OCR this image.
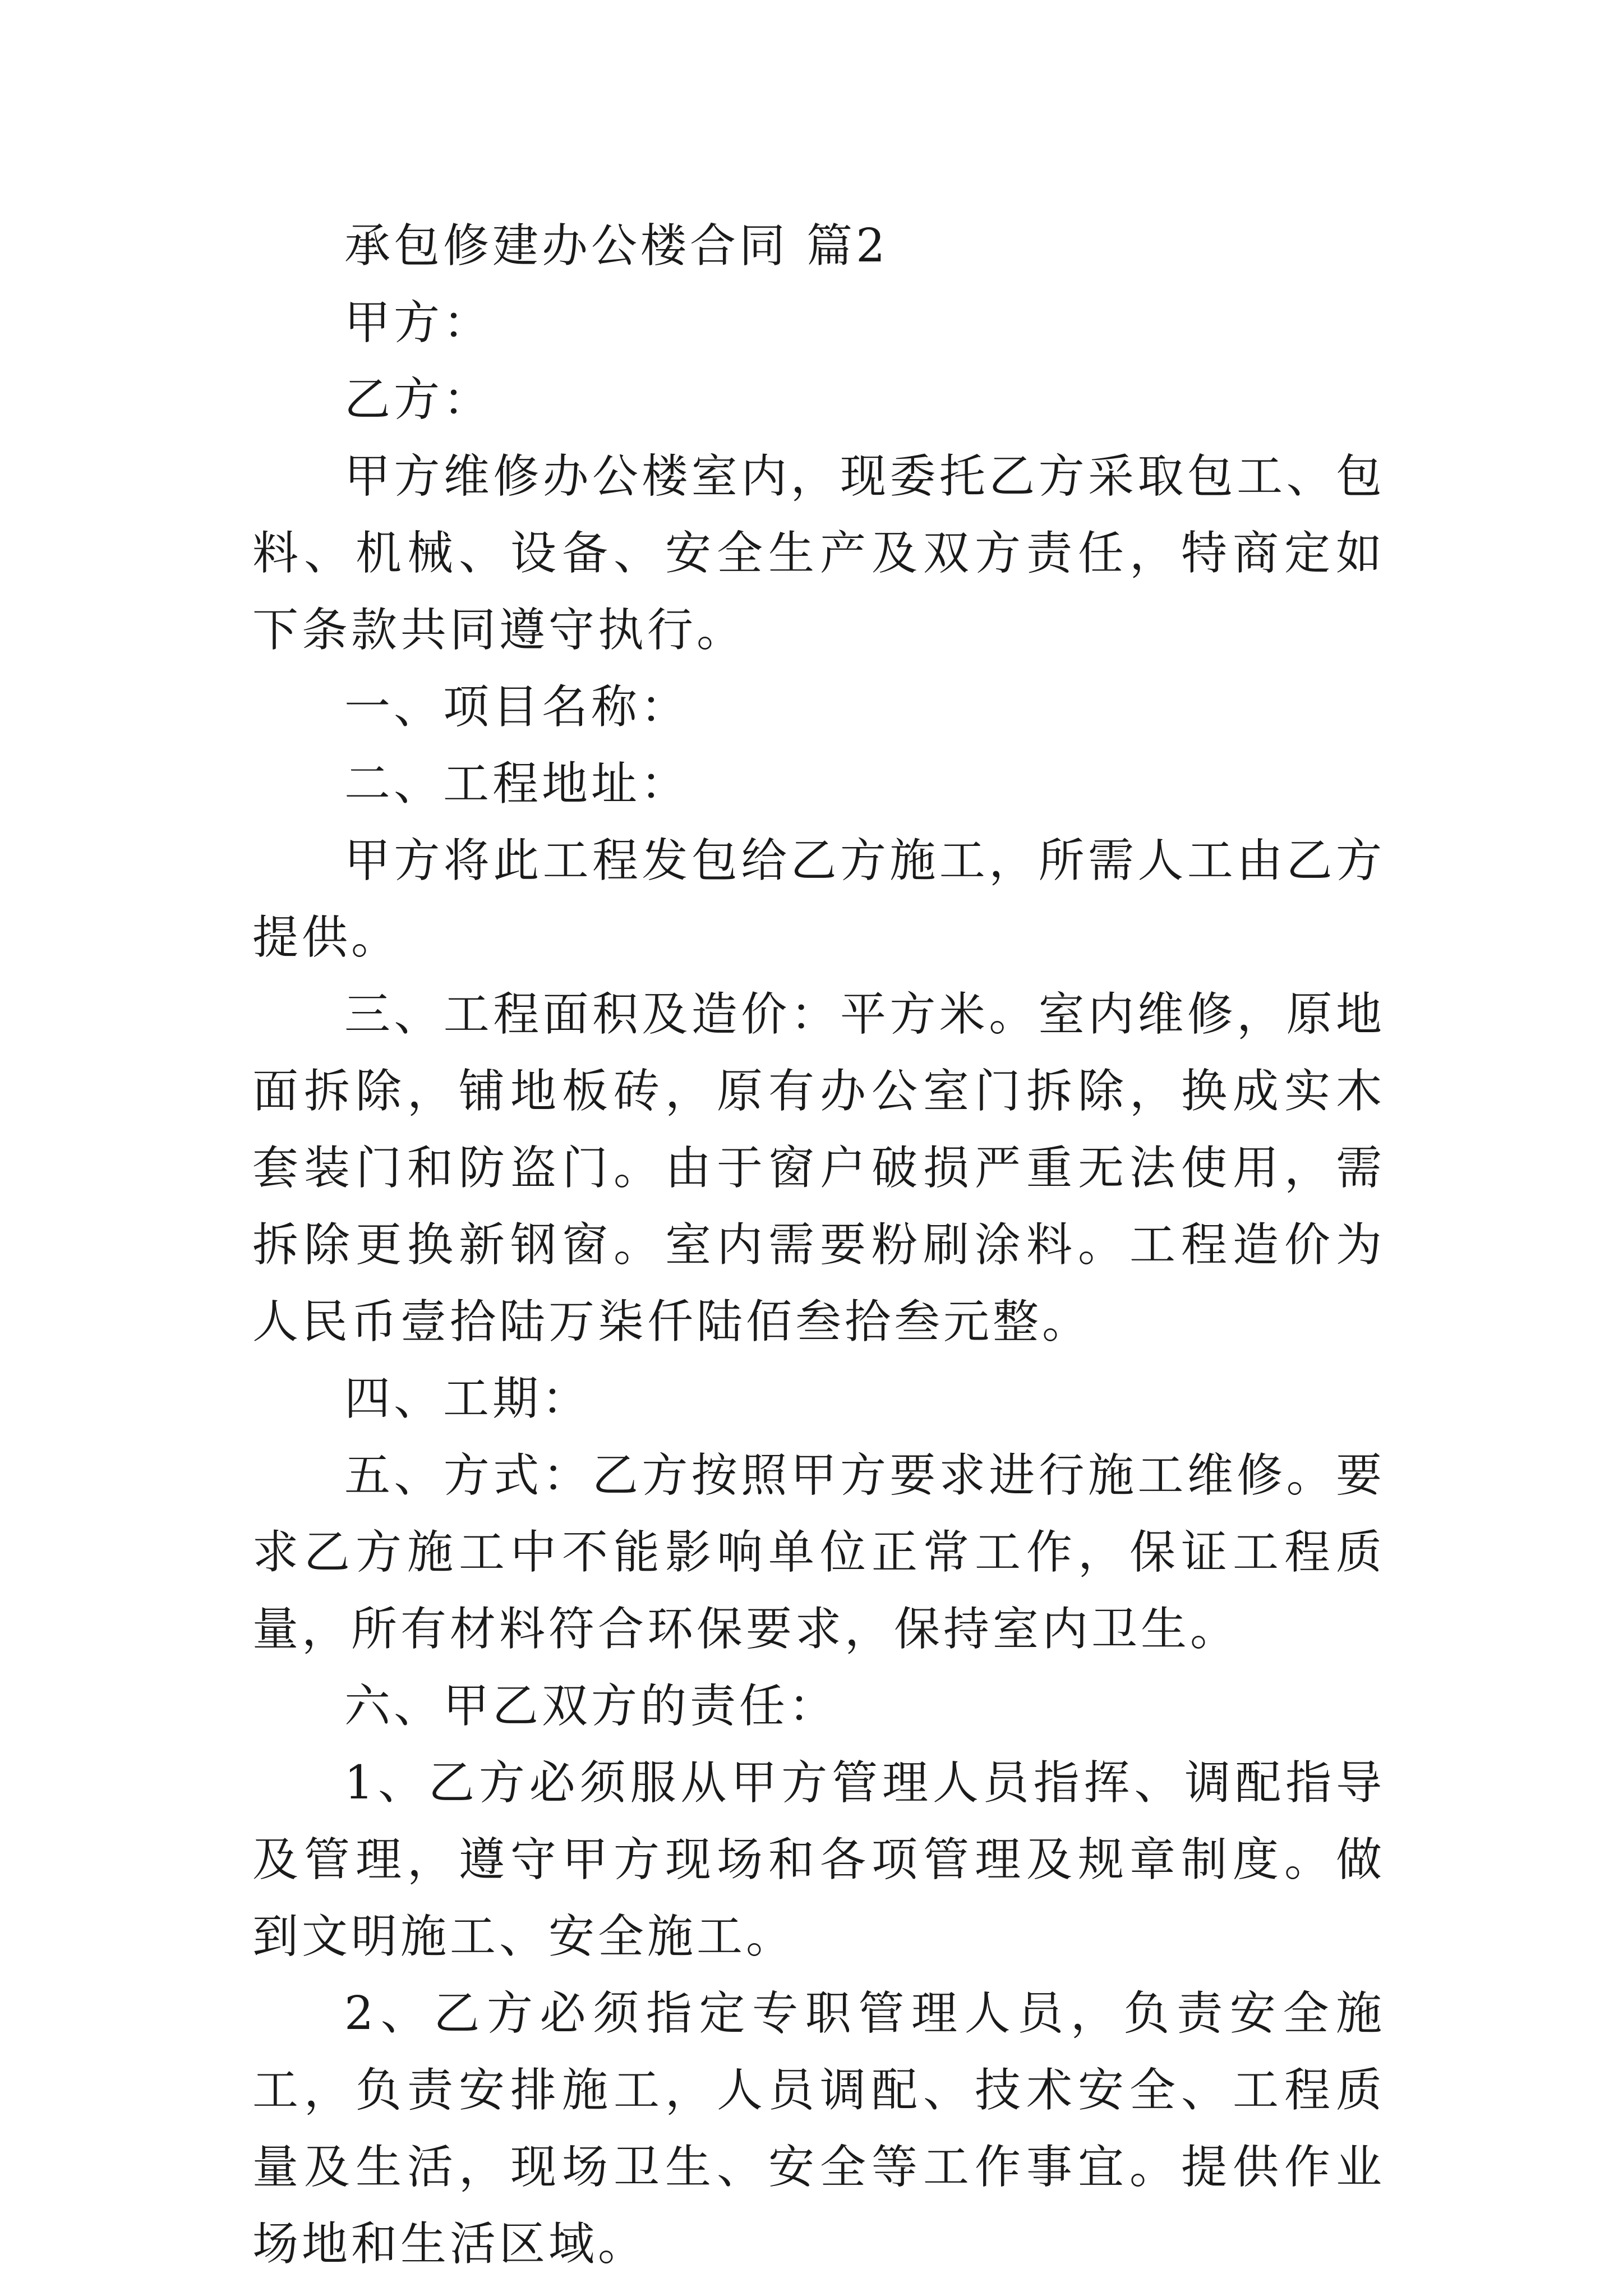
承包修建办公楼合同 篇2

甲方：

乙方：

甲方维修办公楼室内，现委托乙方采取包工、包料、机械、设备、安全生产及双方责任，特商定如下条款共同遵守执行。

一、项目名称：

二、工程地址：

甲方将此工程发包给乙方施工，所需人工由乙方提供。

三、工程面积及造价：平方米。室内维修，原地面拆除，铺地板砖，原有办公室门拆除，换成实木套装门和防盗门。由于窗户破损严重无法使用，需拆除更换新钢窗。室内需要粉刷涂料。工程造价为人民币壹拾陆万柒仟陆佰叁拾叁元整。

四、工期：

五、方式：乙方按照甲方要求进行施工维修。要求乙方施工中不能影响单位正常工作，保证工程质量，所有材料符合环保要求，保持室内卫生。

六、甲乙双方的责任：

1、乙方必须服从甲方管理人员指挥、调配指导及管理，遵守甲方现场和各项管理及规章制度。做到文明施工、安全施工。

2、乙方必须指定专职管理人员，负责安全施工，负责安排施工，人员调配、技术安全、工程质量及生活，现场卫生、安全等工作事宜。提供作业场地和生活区域。
